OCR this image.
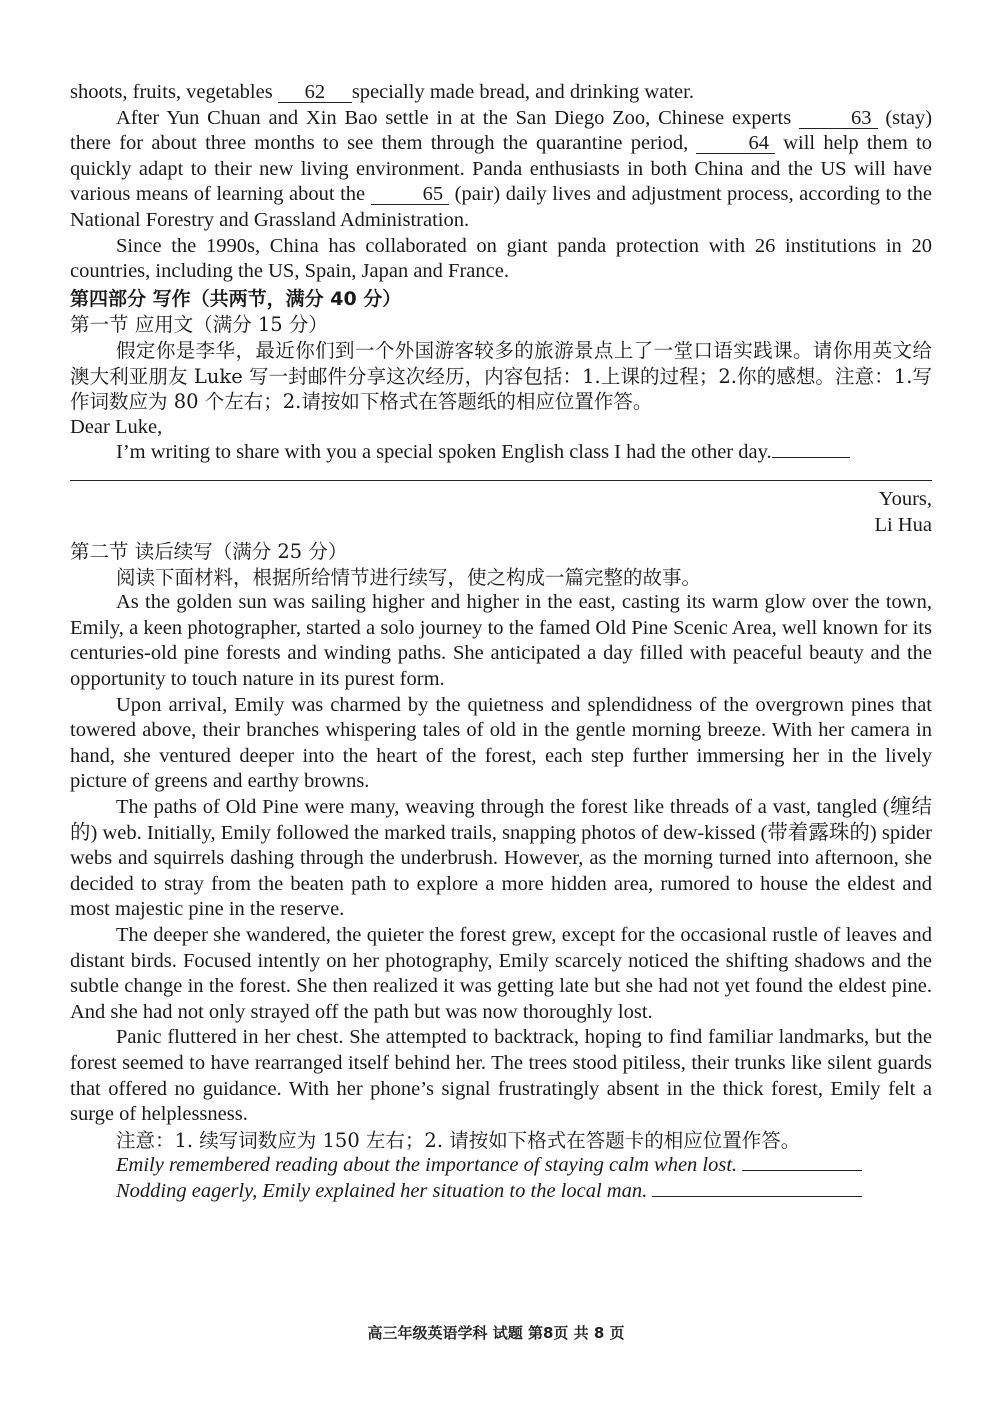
shoots, fruits, vegetables 62 specially made bread, and drinking water.

After Yun Chuan and Xin Bao settle in at the San Diego Zoo, Chinese experts	63 (stay) there for about three months to see them through the quarantine period,	64 will help them to quickly adapt to their new living environment. Panda enthusiasts in both China and the US will have various means of learning about the	65 (pair) daily lives and adjustment process, according to the National Forestry and Grassland Administration.

Since the 1990s, China has collaborated on giant panda protection with 26 institutions in 20 countries, including the US, Spain, Japan and France.

第四部分 写作（共两节，满分 40 分）

第一节 应用文（满分 15 分）

假定你是李华，最近你们到一个外国游客较多的旅游景点上了一堂口语实践课。请你用英文给澳大利亚朋友 Luke 写一封邮件分享这次经历，内容包括：1.上课的过程；2.你的感想。注意：1.写作词数应为 80 个左右；2.请按如下格式在答题纸的相应位置作答。

Dear Luke,

I’m writing to share with you a special spoken English class I had the other day.

Yours,

Li Hua

第二节 读后续写（满分 25 分）

阅读下面材料，根据所给情节进行续写，使之构成一篇完整的故事。

As the golden sun was sailing higher and higher in the east, casting its warm glow over the town, Emily, a keen photographer, started a solo journey to the famed Old Pine Scenic Area, well known for its centuries-old pine forests and winding paths. She anticipated a day filled with peaceful beauty and the opportunity to touch nature in its purest form.

Upon arrival, Emily was charmed by the quietness and splendidness of the overgrown pines that towered above, their branches whispering tales of old in the gentle morning breeze. With her camera in hand, she ventured deeper into the heart of the forest, each step further immersing her in the lively picture of greens and earthy browns.

The paths of Old Pine were many, weaving through the forest like threads of a vast, tangled (缠结的) web. Initially, Emily followed the marked trails, snapping photos of dew-kissed (带着露珠的) spider webs and squirrels dashing through the underbrush. However, as the morning turned into afternoon, she decided to stray from the beaten path to explore a more hidden area, rumored to house the eldest and most majestic pine in the reserve.

The deeper she wandered, the quieter the forest grew, except for the occasional rustle of leaves and distant birds. Focused intently on her photography, Emily scarcely noticed the shifting shadows and the subtle change in the forest. She then realized it was getting late but she had not yet found the eldest pine. And she had not only strayed off the path but was now thoroughly lost.

Panic fluttered in her chest. She attempted to backtrack, hoping to find familiar landmarks, but the forest seemed to have rearranged itself behind her. The trees stood pitiless, their trunks like silent guards that offered no guidance. With her phone’s signal frustratingly absent in the thick forest, Emily felt a surge of helplessness.

注意：1. 续写词数应为 150 左右；2. 请按如下格式在答题卡的相应位置作答。

Emily remembered reading about the importance of staying calm when lost.

Nodding eagerly, Emily explained her situation to the local man.

高三年级英语学科 试题 第8页 共 8 页
